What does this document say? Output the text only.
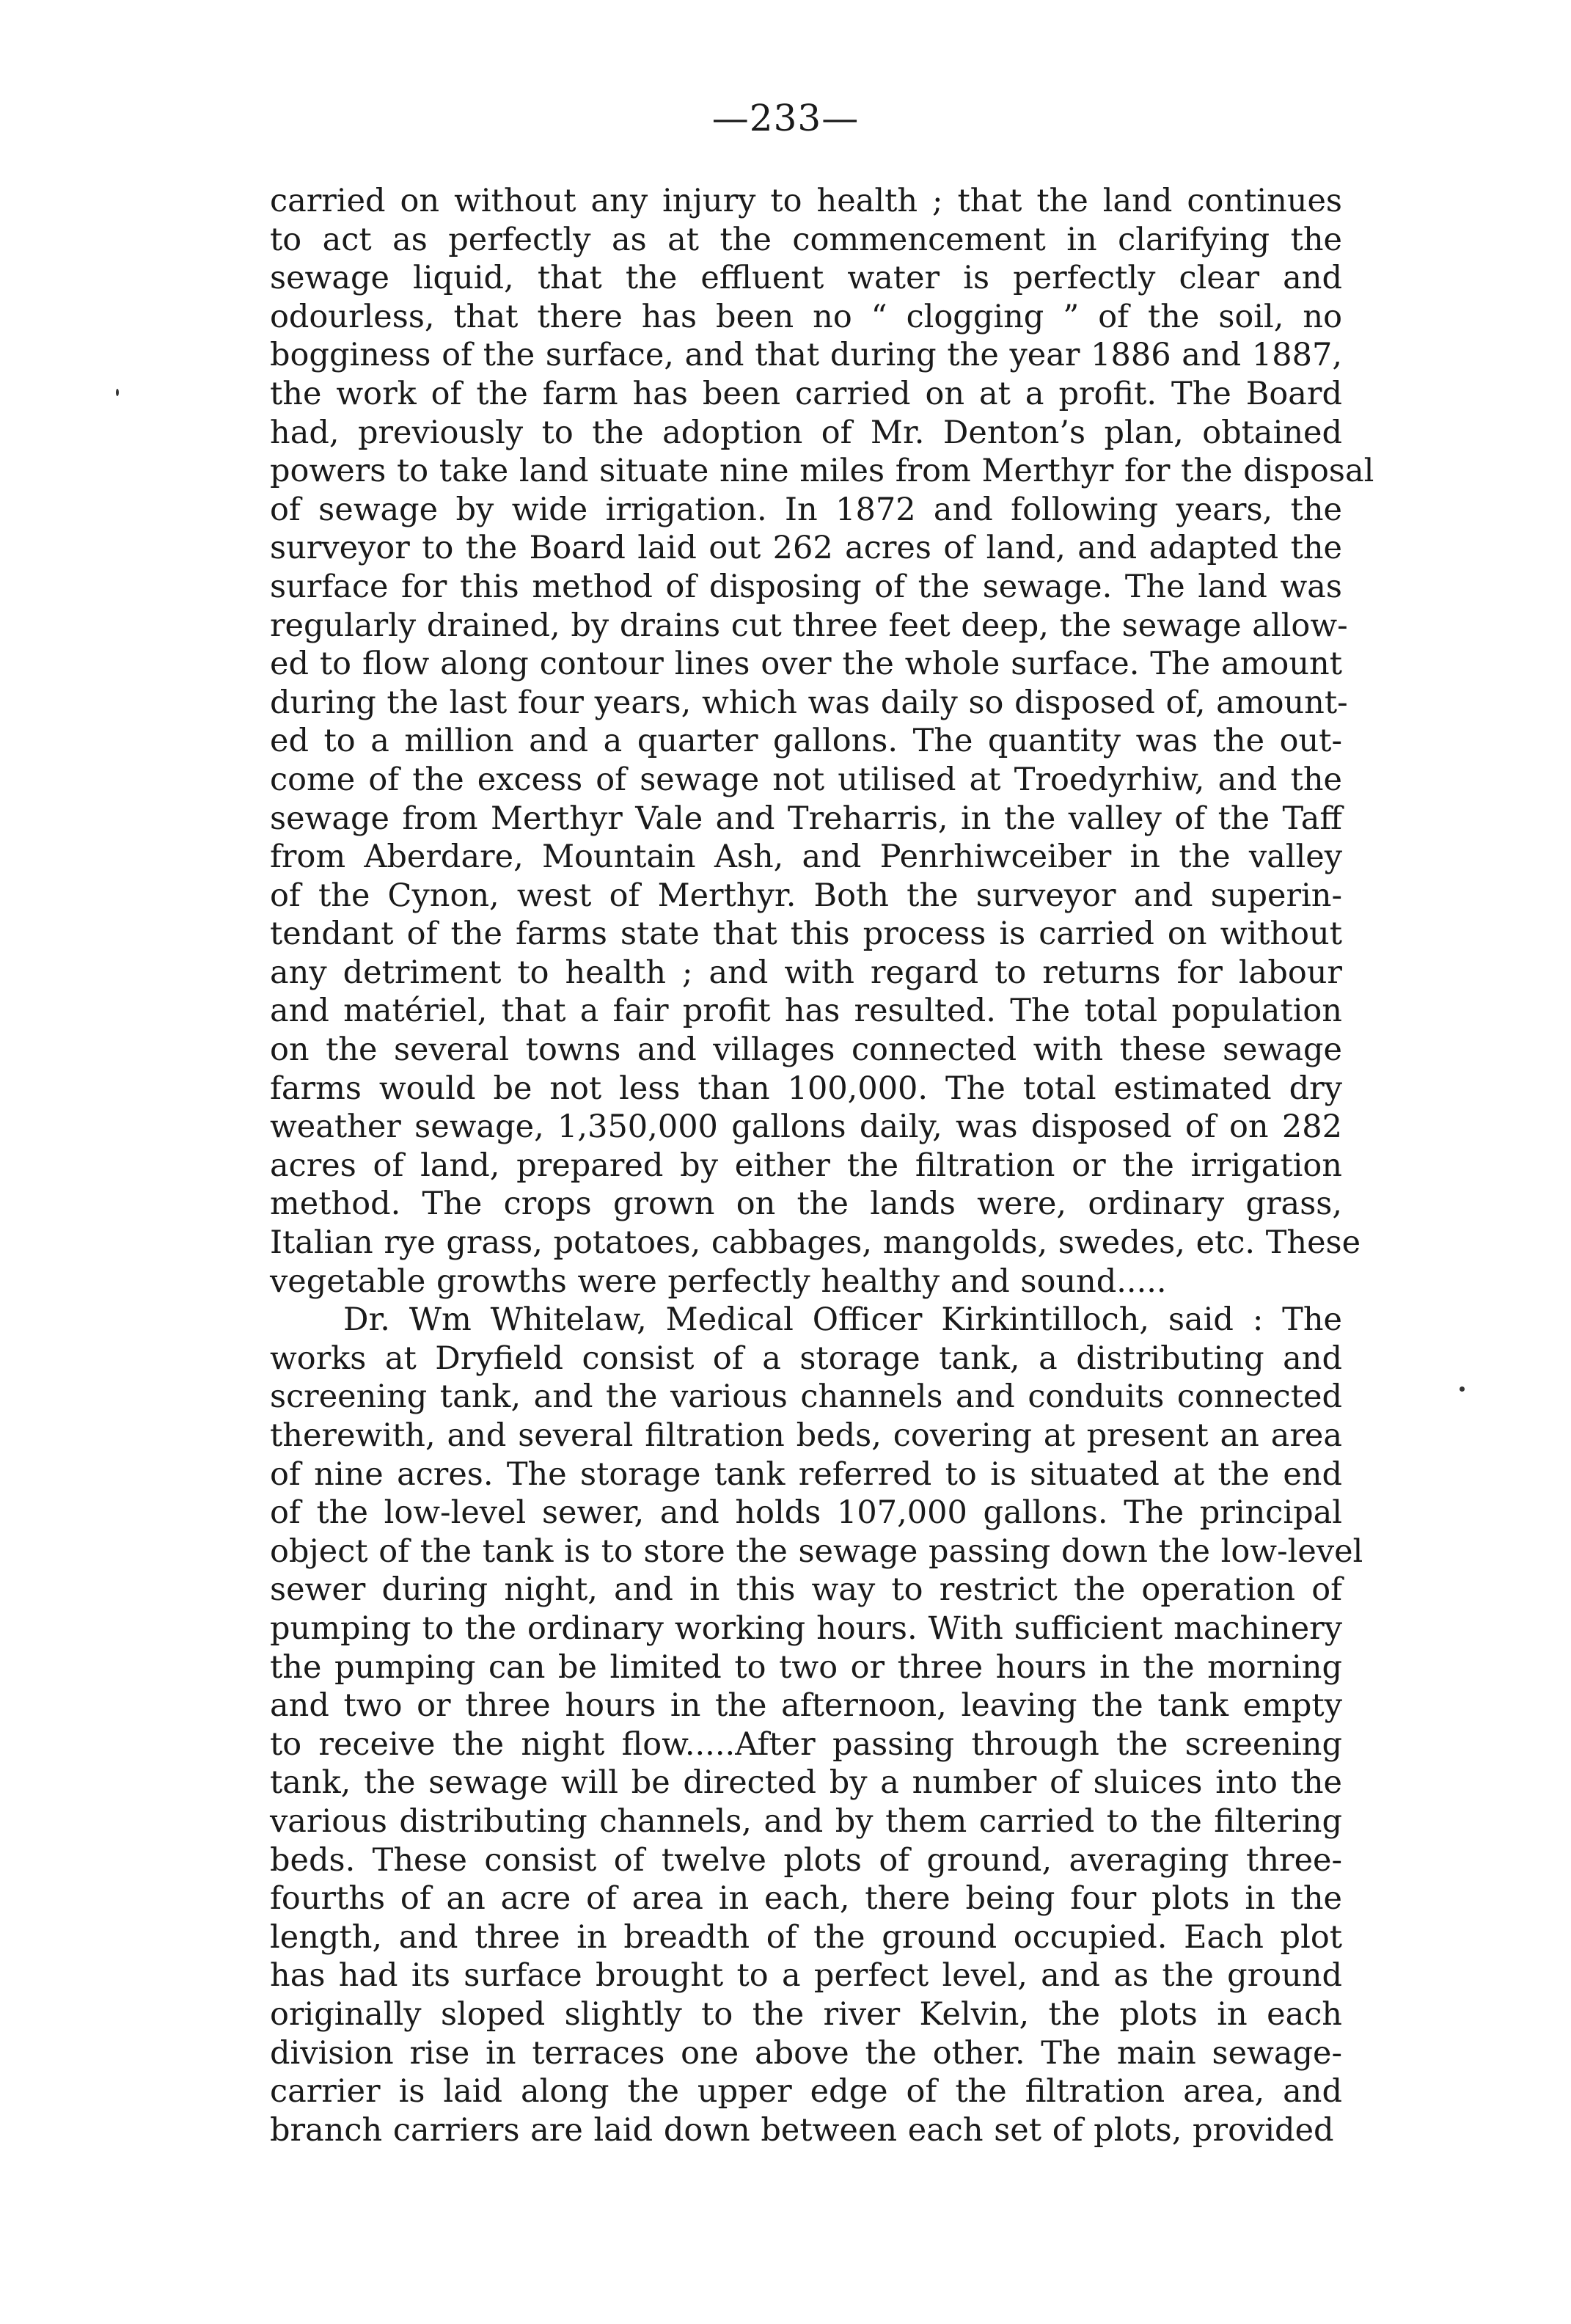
—233—
carried on without any injury to health ; that the land continues
to act as perfectly as at the commencement in clarifying the
sewage liquid, that the effluent water is perfectly clear and
odourless, that there has been no “ clogging ” of the soil, no
bogginess of the surface, and that during the year 1886 and 1887,
the work of the farm has been carried on at a profit. The Board
had, previously to the adoption of Mr. Denton’s plan, obtained
powers to take land situate nine miles from Merthyr for the disposal
of sewage by wide irrigation. In 1872 and following years, the
surveyor to the Board laid out 262 acres of land, and adapted the
surface for this method of disposing of the sewage. The land was
regularly drained, by drains cut three feet deep, the sewage allow-
ed to flow along contour lines over the whole surface. The amount
during the last four years, which was daily so disposed of, amount-
ed to a million and a quarter gallons. The quantity was the out-
come of the excess of sewage not utilised at Troedyrhiw, and the
sewage from Merthyr Vale and Treharris, in the valley of the Taff
from Aberdare, Mountain Ash, and Penrhiwceiber in the valley
of the Cynon, west of Merthyr. Both the surveyor and superin-
tendant of the farms state that this process is carried on without
any detriment to health ; and with regard to returns for labour
and matériel, that a fair profit has resulted. The total population
on the several towns and villages connected with these sewage
farms would be not less than 100,000. The total estimated dry
weather sewage, 1,350,000 gallons daily, was disposed of on 282
acres of land, prepared by either the filtration or the irrigation
method. The crops grown on the lands were, ordinary grass,
Italian rye grass, potatoes, cabbages, mangolds, swedes, etc. These
vegetable growths were perfectly healthy and sound.....
Dr. Wm Whitelaw, Medical Officer Kirkintilloch, said : The
works at Dryfield consist of a storage tank, a distributing and
screening tank, and the various channels and conduits connected
therewith, and several filtration beds, covering at present an area
of nine acres. The storage tank referred to is situated at the end
of the low-level sewer, and holds 107,000 gallons. The principal
object of the tank is to store the sewage passing down the low-level
sewer during night, and in this way to restrict the operation of
pumping to the ordinary working hours. With sufficient machinery
the pumping can be limited to two or three hours in the morning
and two or three hours in the afternoon, leaving the tank empty
to receive the night flow.....After passing through the screening
tank, the sewage will be directed by a number of sluices into the
various distributing channels, and by them carried to the filtering
beds. These consist of twelve plots of ground, averaging three-
fourths of an acre of area in each, there being four plots in the
length, and three in breadth of the ground occupied. Each plot
has had its surface brought to a perfect level, and as the ground
originally sloped slightly to the river Kelvin, the plots in each
division rise in terraces one above the other. The main sewage-
carrier is laid along the upper edge of the filtration area, and
branch carriers are laid down between each set of plots, provided
